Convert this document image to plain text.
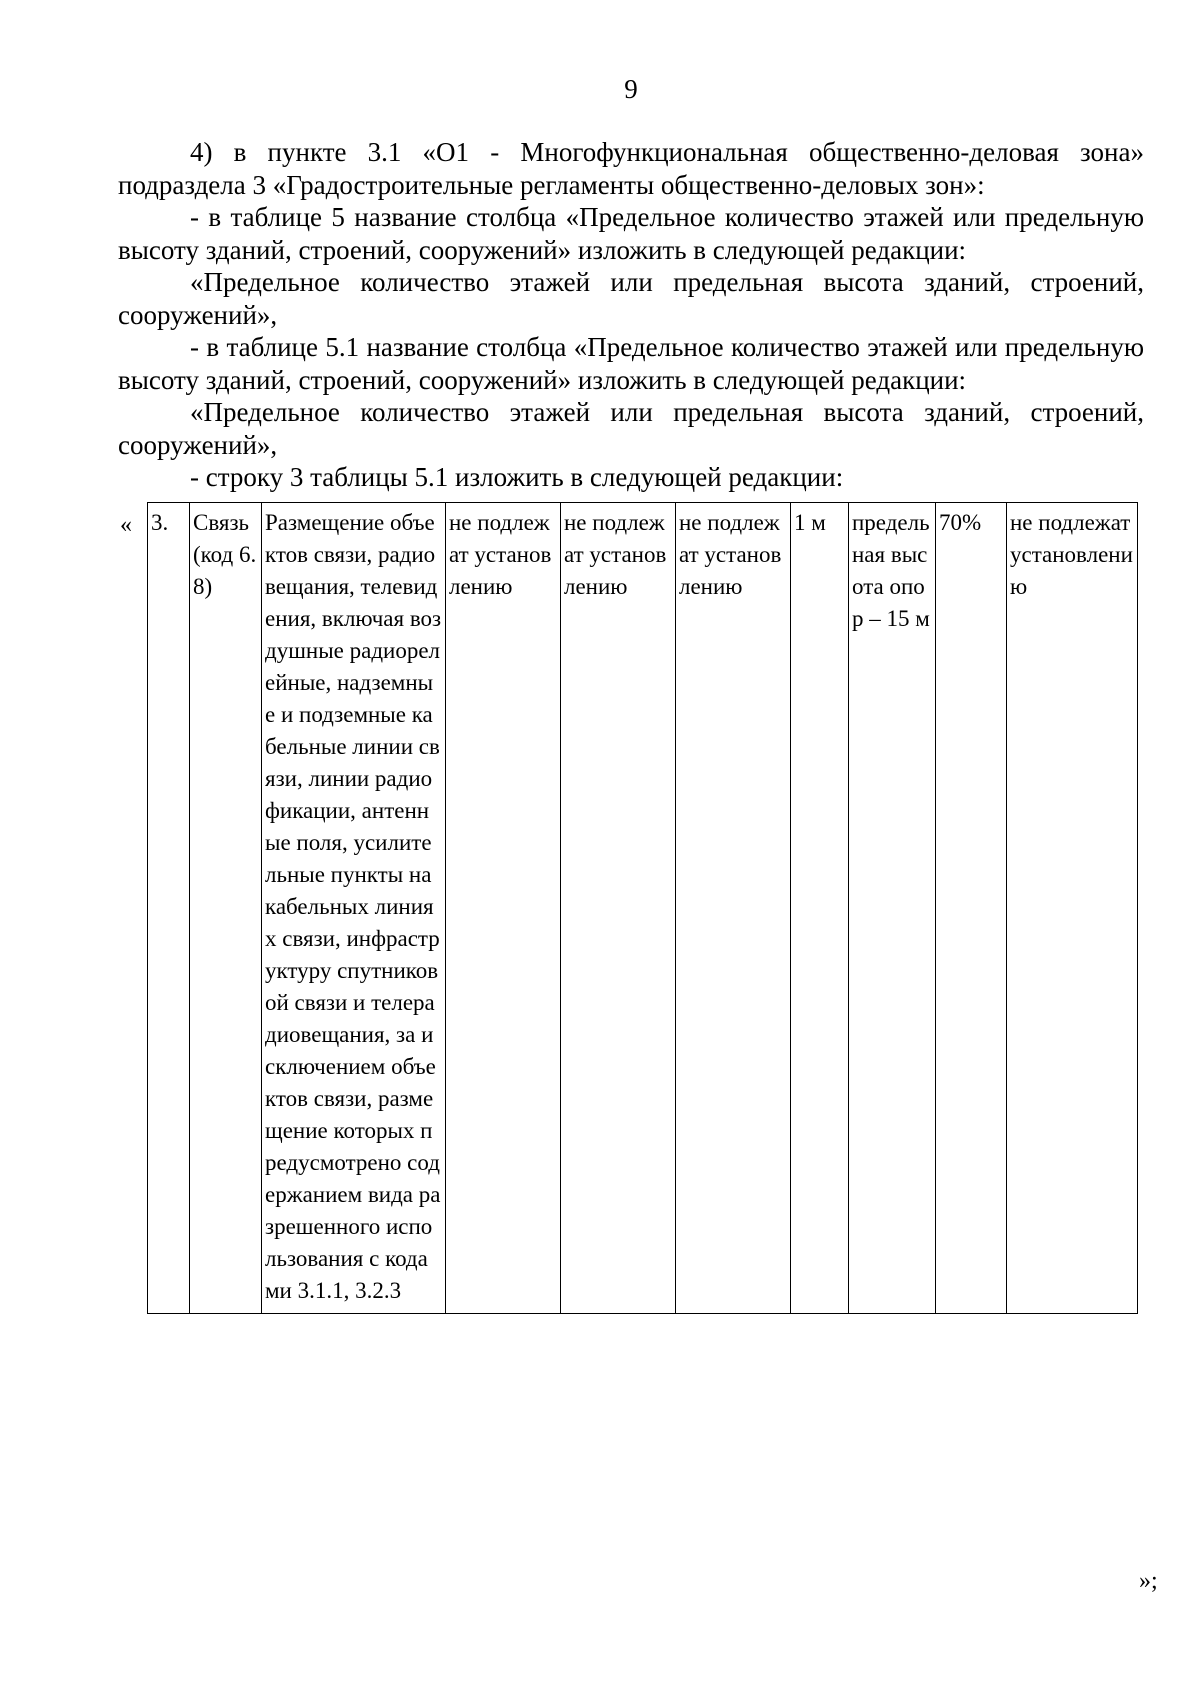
9

4) в пункте 3.1 «О1 - Многофункциональная общественно-деловая зона» подраздела 3 «Градостроительные регламенты общественно-деловых зон»:

- в таблице 5 название столбца «Предельное количество этажей или предельную высоту зданий, строений, сооружений» изложить в следующей редакции:

«Предельное количество этажей или предельная высота зданий, строений, сооружений»,

- в таблице 5.1 название столбца «Предельное количество этажей или предельную высоту зданий, строений, сооружений» изложить в следующей редакции:

«Предельное количество этажей или предельная высота зданий, строений, сооружений»,

- строку 3 таблицы 5.1 изложить в следующей редакции:

« 3.	Связь (код 6.8)	Размещение объектов связи, радиовещания, телевидения, включая воздушные радиорелейные, надземные и подземные кабельные линии связи, линии радиофикации, антенные поля, усилительные пункты на кабельных линиях связи, инфраструктуру спутниковой связи и телерадиовещания, за исключением объектов связи, размещение которых предусмотрено содержанием вида разрешенного использования с кодами 3.1.1, 3.2.3	не подлежат установлению	не подлежат установлению	не подлежат установлению	1 м	предельная высота опор – 15 м	70%	не подлежат установлению
»;
